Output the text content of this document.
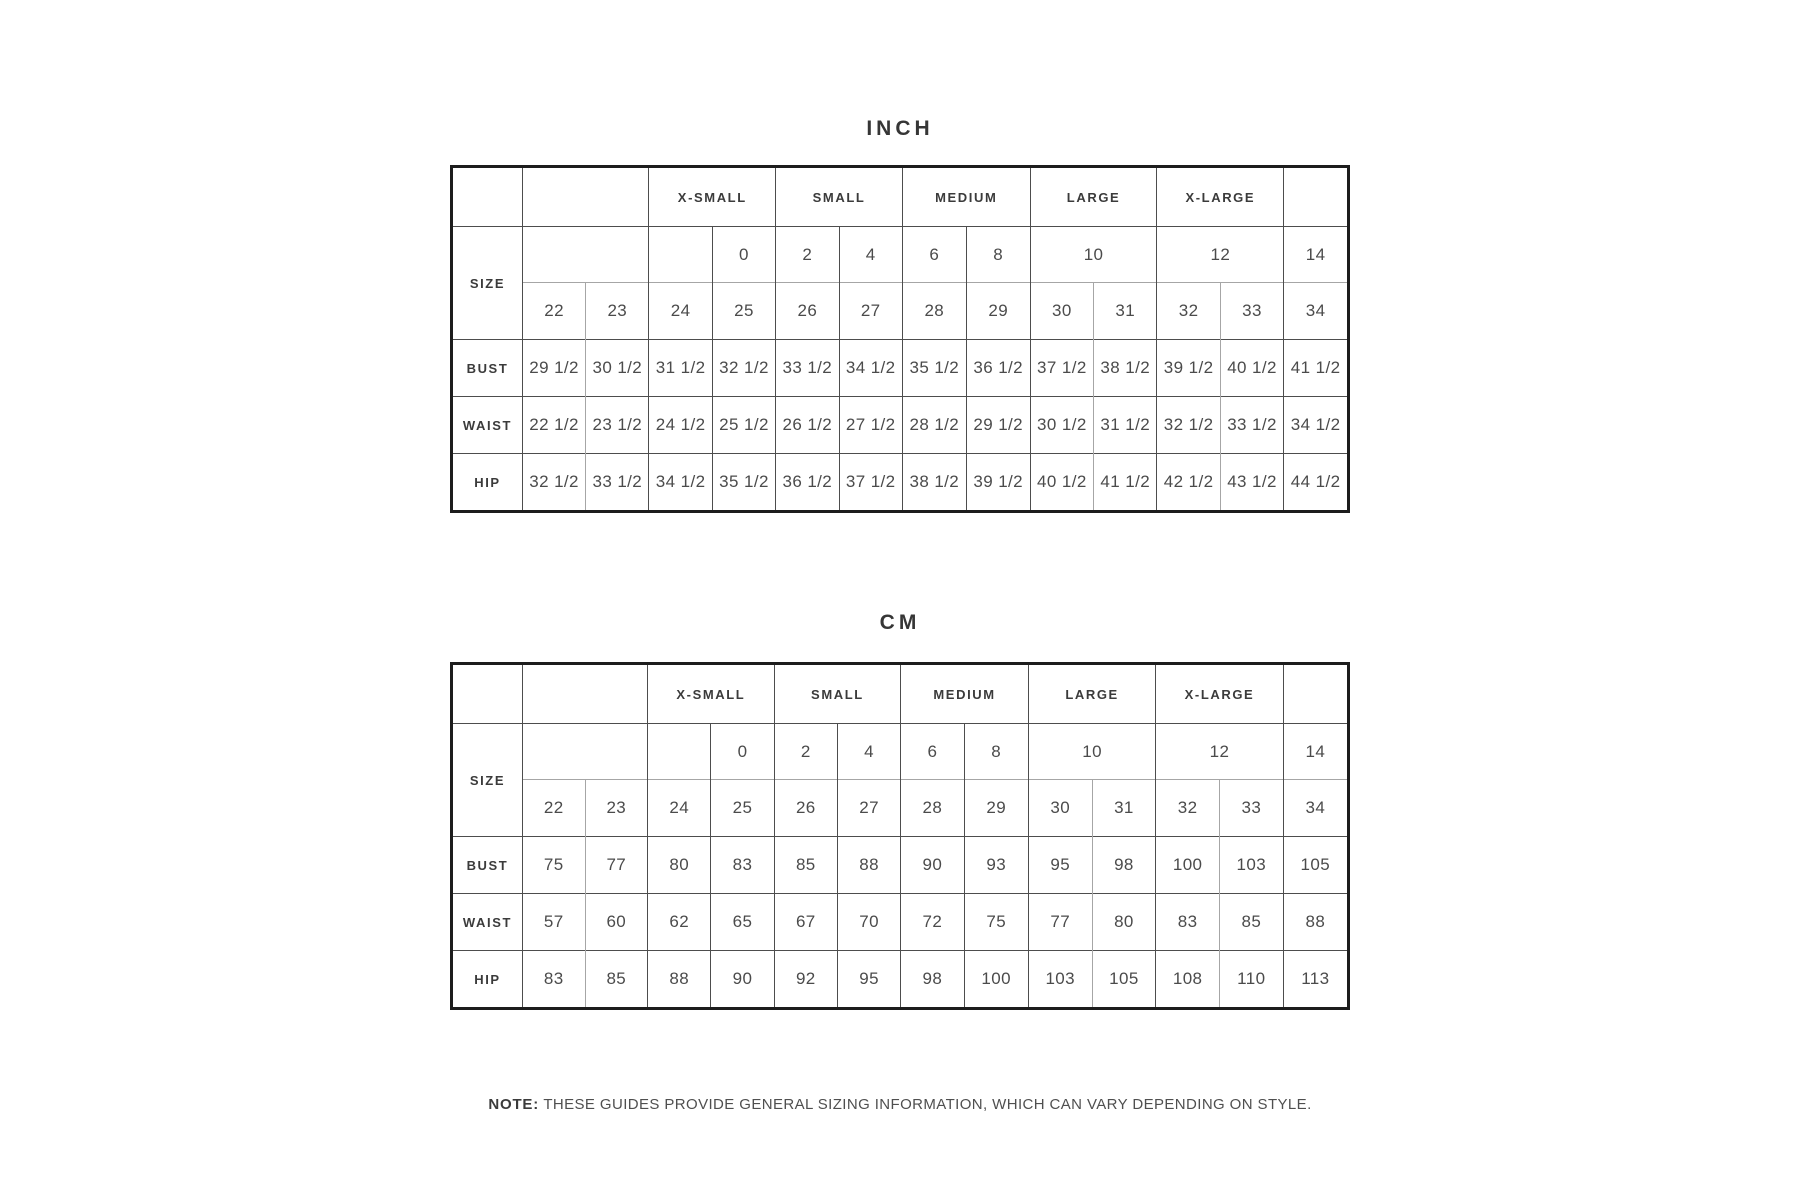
INCH
			X-SMALL		SMALL		MEDIUM		LARGE		X-LARGE		
SIZE				0	2	4	6	8	10		12		14
	22	23	24	25	26	27	28	29	30	31	32	33	34
BUST	29 1/2	30 1/2	31 1/2	32 1/2	33 1/2	34 1/2	35 1/2	36 1/2	37 1/2	38 1/2	39 1/2	40 1/2	41 1/2
WAIST	22 1/2	23 1/2	24 1/2	25 1/2	26 1/2	27 1/2	28 1/2	29 1/2	30 1/2	31 1/2	32 1/2	33 1/2	34 1/2
HIP	32 1/2	33 1/2	34 1/2	35 1/2	36 1/2	37 1/2	38 1/2	39 1/2	40 1/2	41 1/2	42 1/2	43 1/2	44 1/2
CM
			X-SMALL		SMALL		MEDIUM		LARGE		X-LARGE		
SIZE				0	2	4	6	8	10		12		14
	22	23	24	25	26	27	28	29	30	31	32	33	34
BUST	75	77	80	83	85	88	90	93	95	98	100	103	105
WAIST	57	60	62	65	67	70	72	75	77	80	83	85	88
HIP	83	85	88	90	92	95	98	100	103	105	108	110	113

NOTE: THESE GUIDES PROVIDE GENERAL SIZING INFORMATION, WHICH CAN VARY DEPENDING ON STYLE.
